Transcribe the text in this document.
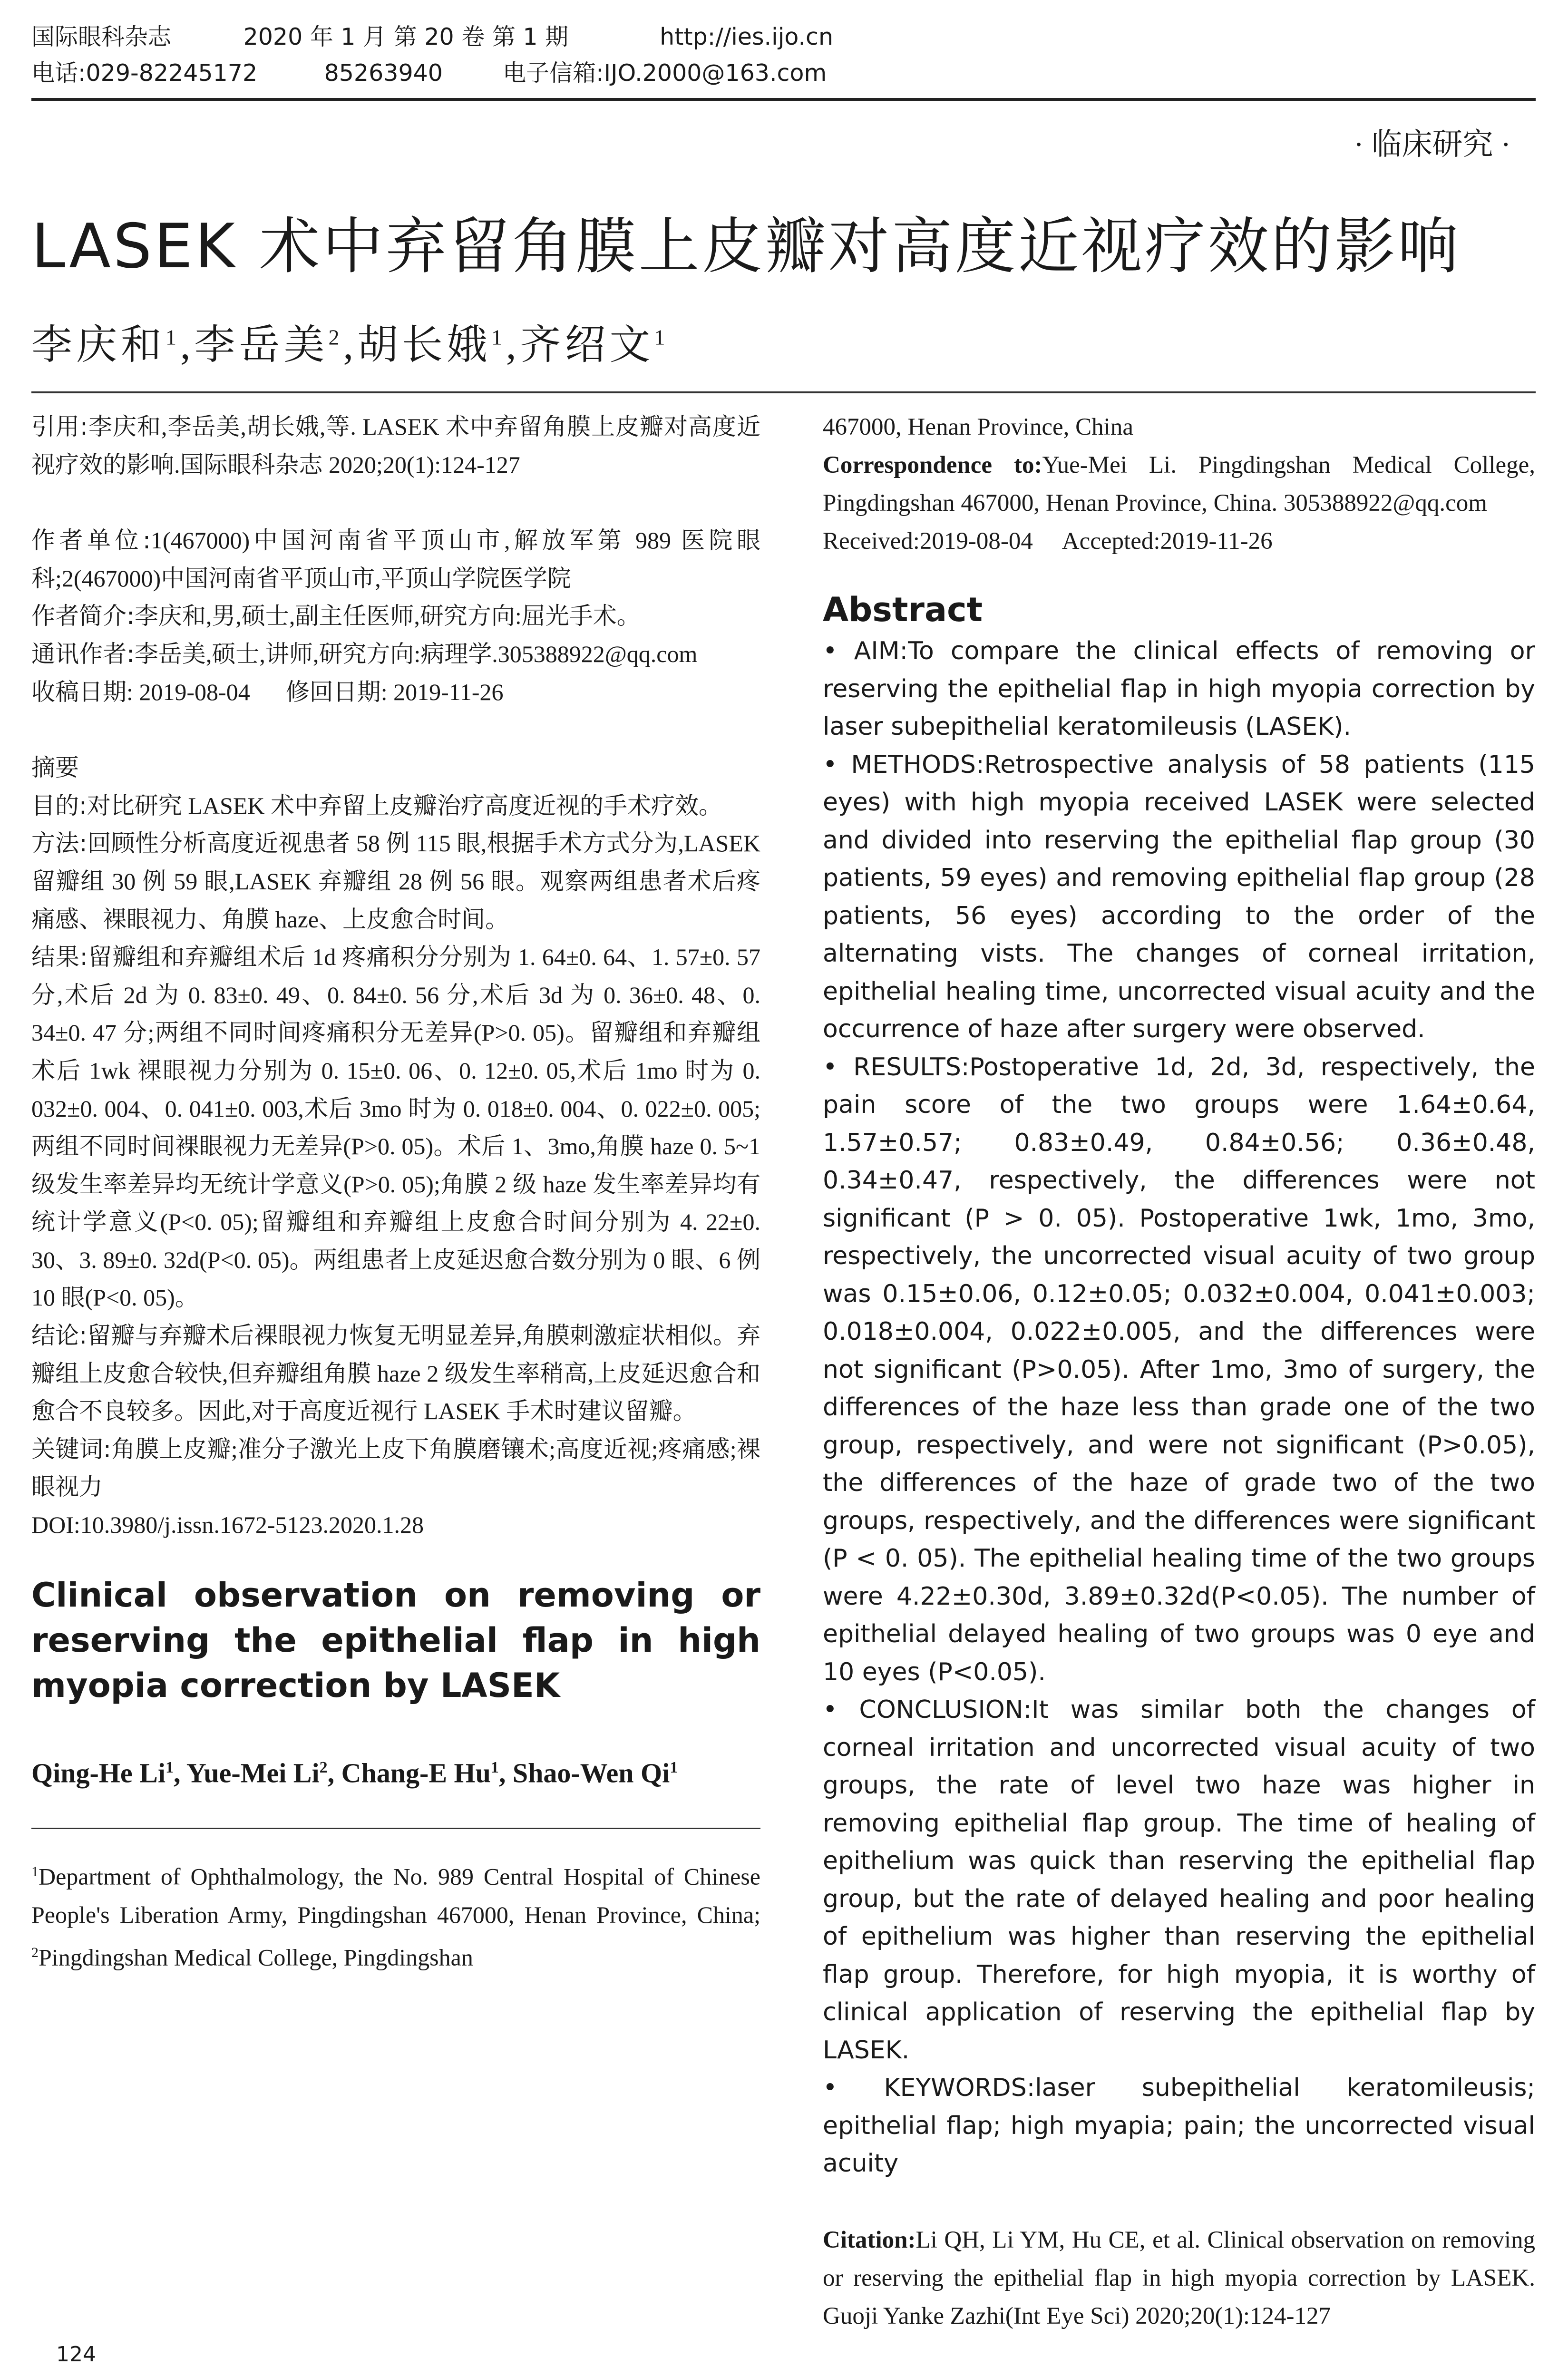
国际眼科杂志	2020 年 1 月 第 20 卷 第 1 期	http://ies.ijo.cn
电话:029-82245172	85263940	电子信箱:IJO.2000@163.com
· 临床研究 ·
LASEK 术中弃留角膜上皮瓣对高度近视疗效的影响
李庆和$^1$,李岳美$^2$,胡长娥$^1$,齐绍文$^1$
引用:李庆和,李岳美,胡长娥,等. LASEK 术中弃留角膜上皮瓣对高度近视疗效的影响.国际眼科杂志 2020;20(1):124-127
作者单位:1(467000)中国河南省平顶山市,解放军第 989 医院眼科;2(467000)中国河南省平顶山市,平顶山学院医学院
作者简介:李庆和,男,硕士,副主任医师,研究方向:屈光手术。
通讯作者:李岳美,硕士,讲师,研究方向:病理学.305388922@qq.com
收稿日期: 2019-08-04      修回日期: 2019-11-26
摘要
目的:对比研究 LASEK 术中弃留上皮瓣治疗高度近视的手术疗效。
方法:回顾性分析高度近视患者 58 例 115 眼,根据手术方式分为,LASEK 留瓣组 30 例 59 眼,LASEK 弃瓣组 28 例 56 眼。观察两组患者术后疼痛感、裸眼视力、角膜 haze、上皮愈合时间。
结果:留瓣组和弃瓣组术后 1d 疼痛积分分别为 1. 64±0. 64、1. 57±0. 57 分,术后 2d 为 0. 83±0. 49、0. 84±0. 56 分,术后 3d 为 0. 36±0. 48、0. 34±0. 47 分;两组不同时间疼痛积分无差异(P>0. 05)。留瓣组和弃瓣组术后 1wk 裸眼视力分别为 0. 15±0. 06、0. 12±0. 05,术后 1mo 时为 0. 032±0. 004、0. 041±0. 003,术后 3mo 时为 0. 018±0. 004、0. 022±0. 005;两组不同时间裸眼视力无差异(P>0. 05)。术后 1、3mo,角膜 haze 0. 5~1 级发生率差异均无统计学意义(P>0. 05);角膜 2 级 haze 发生率差异均有统计学意义(P<0. 05);留瓣组和弃瓣组上皮愈合时间分别为 4. 22±0. 30、3. 89±0. 32d(P<0. 05)。两组患者上皮延迟愈合数分别为 0 眼、6 例 10 眼(P<0. 05)。
结论:留瓣与弃瓣术后裸眼视力恢复无明显差异,角膜刺激症状相似。弃瓣组上皮愈合较快,但弃瓣组角膜 haze 2 级发生率稍高,上皮延迟愈合和愈合不良较多。因此,对于高度近视行 LASEK 手术时建议留瓣。
关键词:角膜上皮瓣;准分子激光上皮下角膜磨镶术;高度近视;疼痛感;裸眼视力
DOI:10.3980/j.issn.1672-5123.2020.1.28
Clinical observation on removing or reserving the epithelial flap in high myopia correction by LASEK
Qing-He Li$^1$, Yue-Mei Li$^2$, Chang-E Hu$^1$, Shao-Wen Qi$^1$
$^1$Department of Ophthalmology, the No. 989 Central Hospital of Chinese People's Liberation Army, Pingdingshan 467000, Henan Province, China; $^2$Pingdingshan Medical College, Pingdingshan
467000, Henan Province, China
Correspondence to:Yue-Mei Li. Pingdingshan Medical College, Pingdingshan 467000, Henan Province, China. 305388922@qq.com
Received:2019-08-04     Accepted:2019-11-26
Abstract
• AIM:To compare the clinical effects of removing or reserving the epithelial flap in high myopia correction by laser subepithelial keratomileusis (LASEK).
• METHODS:Retrospective analysis of 58 patients (115 eyes) with high myopia received LASEK were selected and divided into reserving the epithelial flap group (30 patients, 59 eyes) and removing epithelial flap group (28 patients, 56 eyes) according to the order of the alternating vists. The changes of corneal irritation, epithelial healing time, uncorrected visual acuity and the occurrence of haze after surgery were observed.
• RESULTS:Postoperative 1d, 2d, 3d, respectively, the pain score of the two groups were 1.64±0.64, 1.57±0.57; 0.83±0.49, 0.84±0.56; 0.36±0.48, 0.34±0.47, respectively, the differences were not significant (P > 0. 05). Postoperative 1wk, 1mo, 3mo, respectively, the uncorrected visual acuity of two group was 0.15±0.06, 0.12±0.05; 0.032±0.004, 0.041±0.003; 0.018±0.004, 0.022±0.005, and the differences were not significant (P>0.05). After 1mo, 3mo of surgery, the differences of the haze less than grade one of the two group, respectively, and were not significant (P>0.05), the differences of the haze of grade two of the two groups, respectively, and the differences were significant (P < 0. 05). The epithelial healing time of the two groups were 4.22±0.30d, 3.89±0.32d(P<0.05). The number of epithelial delayed healing of two groups was 0 eye and 10 eyes (P<0.05).
• CONCLUSION:It was similar both the changes of corneal irritation and uncorrected visual acuity of two groups, the rate of level two haze was higher in removing epithelial flap group. The time of healing of epithelium was quick than reserving the epithelial flap group, but the rate of delayed healing and poor healing of epithelium was higher than reserving the epithelial flap group. Therefore, for high myopia, it is worthy of clinical application of reserving the epithelial flap by LASEK.
• KEYWORDS:laser subepithelial keratomileusis; epithelial flap; high myapia; pain; the uncorrected visual acuity
Citation:Li QH, Li YM, Hu CE, et al. Clinical observation on removing or reserving the epithelial flap in high myopia correction by LASEK. Guoji Yanke Zazhi(Int Eye Sci) 2020;20(1):124-127
124
